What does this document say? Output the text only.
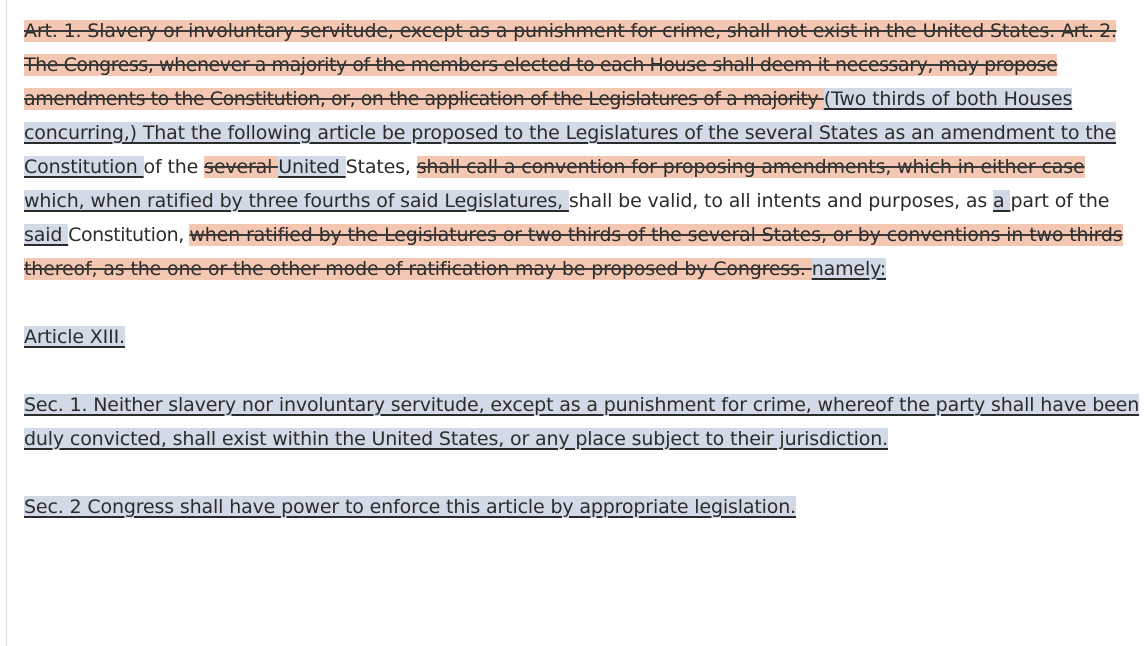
Art. 1. Slavery or involuntary servitude, except as a punishment for crime, shall not exist in the United States. Art. 2. The Congress, whenever a majority of the members elected to each House shall deem it necessary, may propose amendments to the Constitution, or, on the application of the Legislatures of a majority (Two thirds of both Houses concurring,) That the following article be proposed to the Legislatures of the several States as an amendment to the Constitution of the several United States, shall call a convention for proposing amendments, which in either case which, when ratified by three fourths of said Legislatures, shall be valid, to all intents and purposes, as a part of the said Constitution, when ratified by the Legislatures or two thirds of the several States, or by conventions in two thirds thereof, as the one or the other mode of ratification may be proposed by Congress. namely:

Article XIII.

Sec. 1. Neither slavery nor involuntary servitude, except as a punishment for crime, whereof the party shall have been duly convicted, shall exist within the United States, or any place subject to their jurisdiction.

Sec. 2 Congress shall have power to enforce this article by appropriate legislation.
